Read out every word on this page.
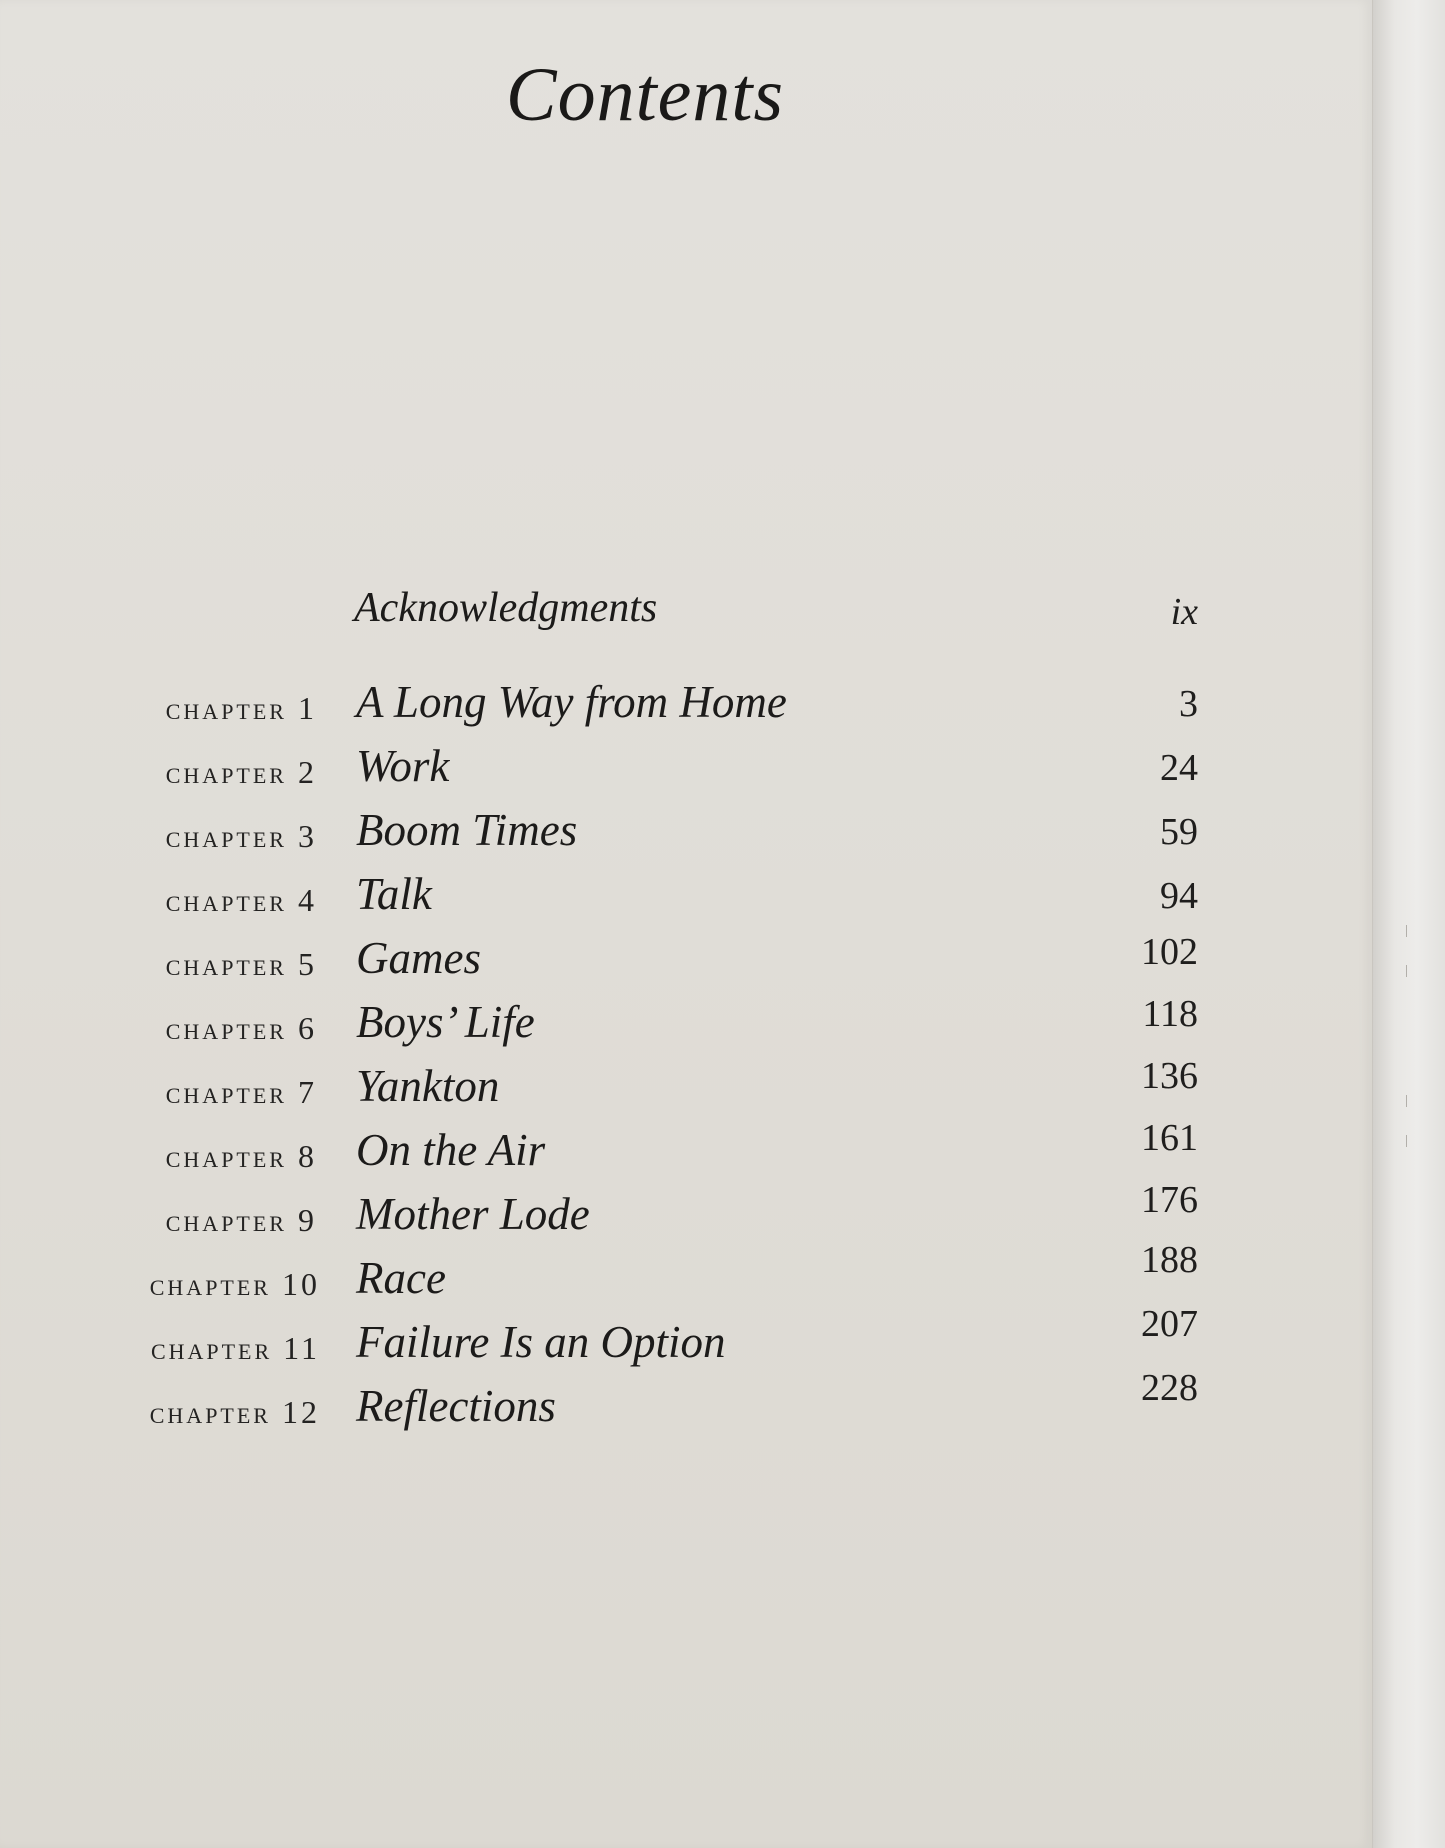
Contents
Acknowledgments	ix
chapter 1 A Long Way from Home	3
chapter 2 Work	24
chapter 3 Boom Times	59
chapter 4 Talk	94
chapter 5 Games	102
chapter 6 Boys’ Life	118
chapter 7 Yankton	136
chapter 8 On the Air	161
chapter 9 Mother Lode	176
chapter 10 Race	188
chapter 11 Failure Is an Option	207
chapter 12 Reflections	228
